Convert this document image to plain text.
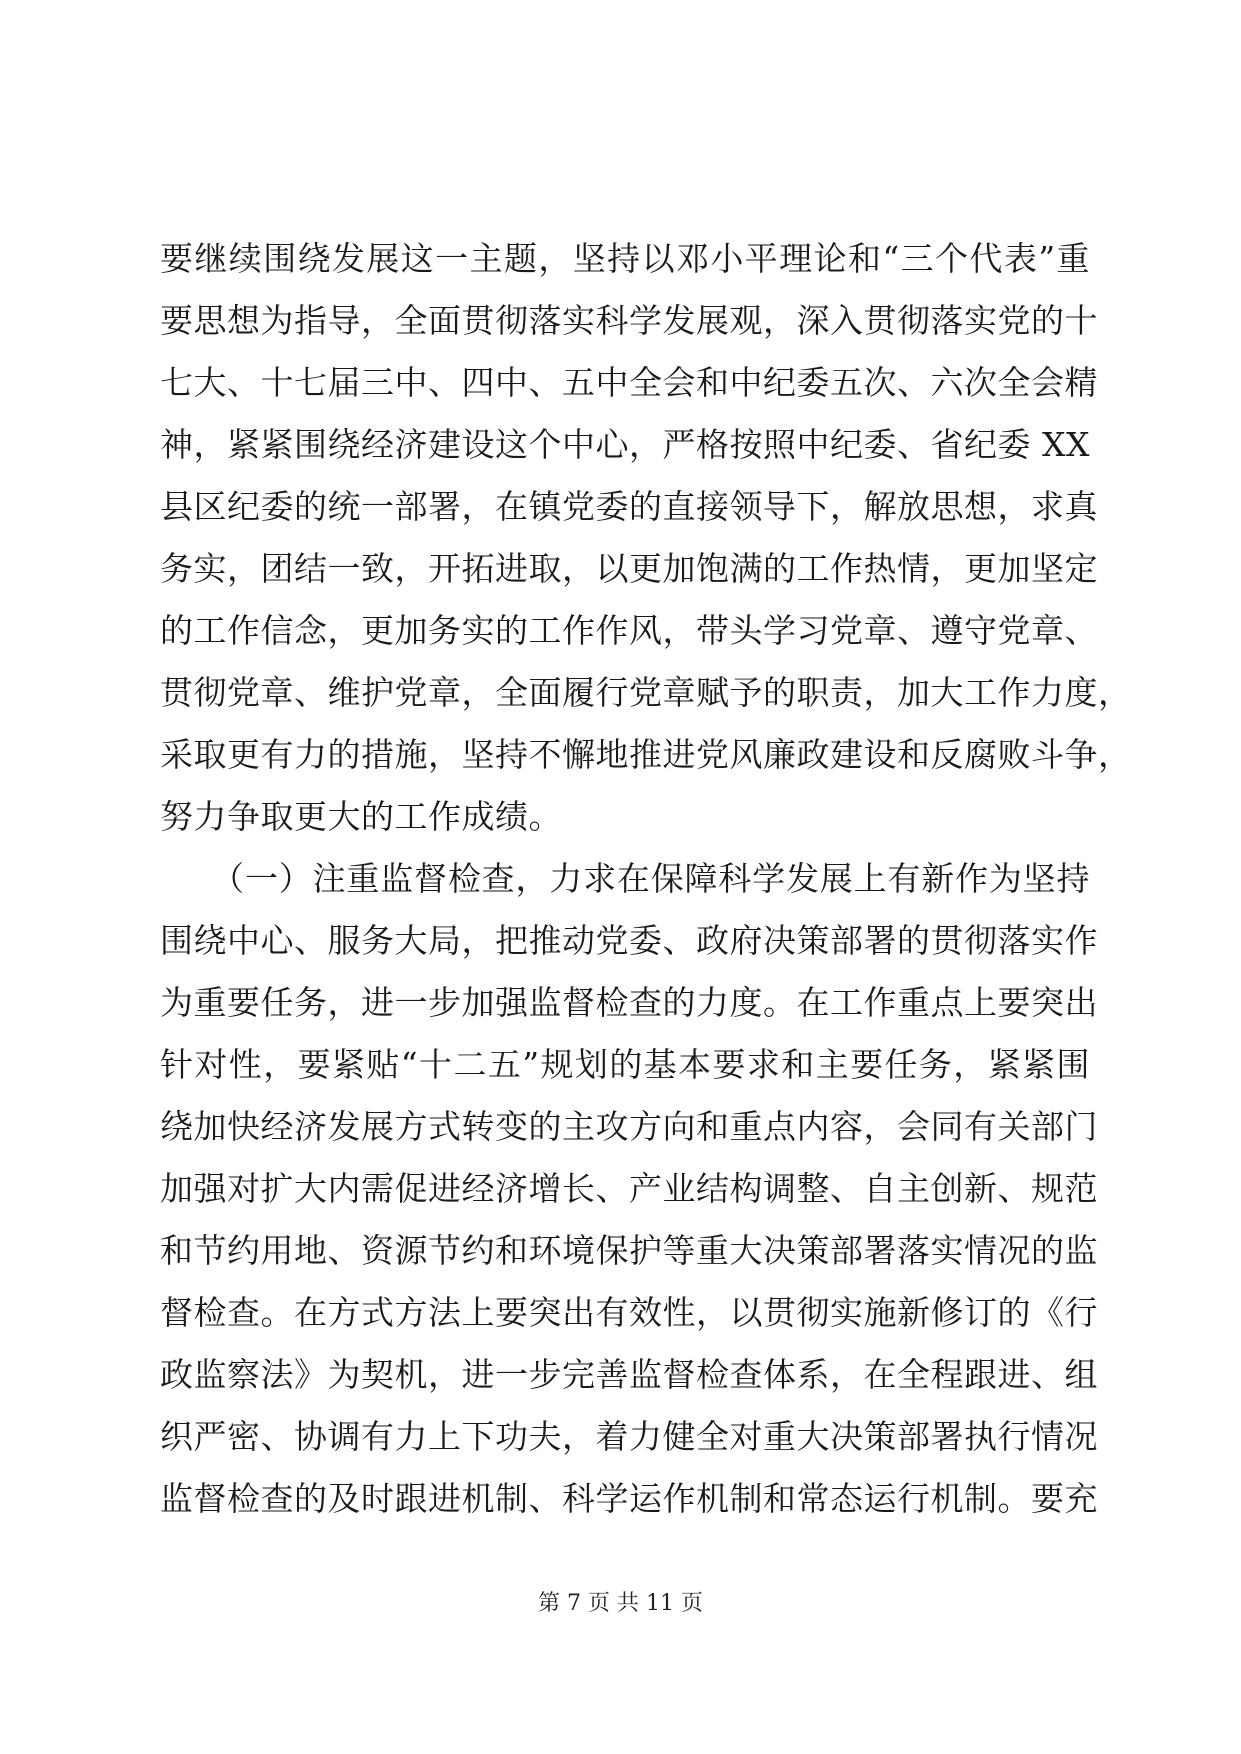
要继续围绕发展这一主题，坚持以邓小平理论和“三个代表”重
要思想为指导，全面贯彻落实科学发展观，深入贯彻落实党的十
七大、十七届三中、四中、五中全会和中纪委五次、六次全会精
神，紧紧围绕经济建设这个中心，严格按照中纪委、省纪委 XX
县区纪委的统一部署，在镇党委的直接领导下，解放思想，求真
务实，团结一致，开拓进取，以更加饱满的工作热情，更加坚定
的工作信念，更加务实的工作作风，带头学习党章、遵守党章、
贯彻党章、维护党章，全面履行党章赋予的职责，加大工作力度，
采取更有力的措施，坚持不懈地推进党风廉政建设和反腐败斗争，
努力争取更大的工作成绩。
　　（一）注重监督检查，力求在保障科学发展上有新作为坚持
围绕中心、服务大局，把推动党委、政府决策部署的贯彻落实作
为重要任务，进一步加强监督检查的力度。在工作重点上要突出
针对性，要紧贴“十二五”规划的基本要求和主要任务，紧紧围
绕加快经济发展方式转变的主攻方向和重点内容，会同有关部门
加强对扩大内需促进经济增长、产业结构调整、自主创新、规范
和节约用地、资源节约和环境保护等重大决策部署落实情况的监
督检查。在方式方法上要突出有效性，以贯彻实施新修订的《行
政监察法》为契机，进一步完善监督检查体系，在全程跟进、组
织严密、协调有力上下功夫，着力健全对重大决策部署执行情况
监督检查的及时跟进机制、科学运作机制和常态运行机制。要充
第 7 页 共 11 页
